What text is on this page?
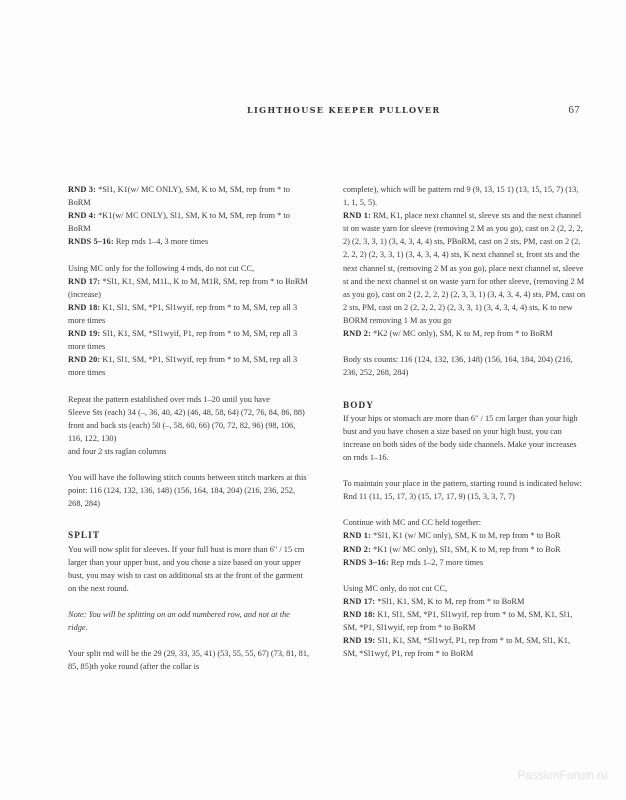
LIGHTHOUSE KEEPER PULLOVER	67

RND 3: *Sl1, K1(w/ MC ONLY), SM, K to M, SM, rep from * to BoRM

RND 4: *K1(w/ MC ONLY), Sl1, SM, K to M, SM, rep from * to BoRM

RNDS 5–16: Rep rnds 1–4, 3 more times

Using MC only for the following 4 rnds, do not cut CC,

RND 17: *Sl1, K1, SM, M1L, K to M, M1R, SM, rep from * to BoRM (increase)

RND 18: K1, Sl1, SM, *P1, Sl1wyif, rep from * to M, SM, rep all 3 more times

RND 19: Sl1, K1, SM, *Sl1wyif, P1, rep from * to M, SM, rep all 3 more times

RND 20: K1, Sl1, SM, *P1, Sl1wyif, rep from * to M, SM, rep all 3 more times

Repeat the pattern established over rnds 1–20 until you have

Sleeve Sts (each) 34 (–, 36, 40, 42) (46, 48, 58, 64) (72, 76, 84, 86, 88)

front and back sts (each) 50 (–, 58, 60, 66) (70, 72, 82, 96) (98, 106, 116, 122, 130)

and four 2 sts raglan columns

You will have the following stitch counts between stitch markers at this point: 116 (124, 132, 136, 148) (156, 164, 184, 204) (216, 236, 252, 268, 284)

SPLIT

You will now split for sleeves. If your full bust is more than 6" / 15 cm larger than your upper bust, and you chose a size based on your upper bust, you may wish to cast on additional sts at the front of the garment on the next round.

Note: You will be splitting on an odd numbered row, and not at the ridge.

Your split rnd will be the 29 (29, 33, 35, 41) (53, 55, 55, 67) (73, 81, 81, 85, 85)th yoke round (after the collar is

complete), which will be pattern rnd 9 (9, 13, 15 1) (13, 15, 15, 7) (13, 1, 1, 5, 5).

RND 1: RM, K1, place next channel st, sleeve sts and the next channel st on waste yarn for sleeve (removing 2 M as you go), cast on 2 (2, 2, 2, 2) (2, 3, 3, 1) (3, 4, 3, 4, 4) sts, PBoRM, cast on 2 sts, PM, cast on 2 (2, 2, 2, 2) (2, 3, 3, 1) (3, 4, 3, 4, 4) sts, K next channel st, front sts and the next channel st, (removing 2 M as you go), place next channel st, sleeve st and the next channel st on waste yarn for other sleeve, (removing 2 M as you go), cast on 2 (2, 2, 2, 2) (2, 3, 3, 1) (3, 4, 3, 4, 4) sts, PM, cast on 2 sts, PM, cast on 2 (2, 2, 2, 2) (2, 3, 3, 1) (3, 4, 3, 4, 4) sts, K to new BORM removing 1 M as you go

RND 2: *K2 (w/ MC only), SM, K to M, rep from * to BoRM

Body sts counts: 116 (124, 132, 136, 148) (156, 164, 184, 204) (216, 236, 252, 268, 284)

BODY

If your hips or stomach are more than 6" / 15 cm larger than your high bust and you have chosen a size based on your high bust, you can increase on both sides of the body side channels. Make your increases on rnds 1–16.

To maintain your place in the pattern, starting round is indicated below:

Rnd 11 (11, 15, 17, 3) (15, 17, 17, 9) (15, 3, 3, 7, 7)

Continue with MC and CC held together:

RND 1: *Sl1, K1 (w/ MC only), SM, K to M, rep from * to BoR

RND 2: *K1 (w/ MC only), Sl1, SM, K to M, rep from * to BoR

RNDS 3–16: Rep rnds 1–2, 7 more times

Using MC only, do not cut CC,

RND 17: *Sl1, K1, SM, K to M, rep from * to BoRM

RND 18: K1, Sl1, SM, *P1, Sl1wyif, rep from * to M, SM, K1, Sl1, SM, *P1, Sl1wyif, rep from * to BoRM

RND 19: Sl1, K1, SM, *Sl1wyf, P1, rep from * to M, SM, Sl1, K1, SM, *Sl1wyf, P1, rep from * to BoRM

PassionForum.ru
